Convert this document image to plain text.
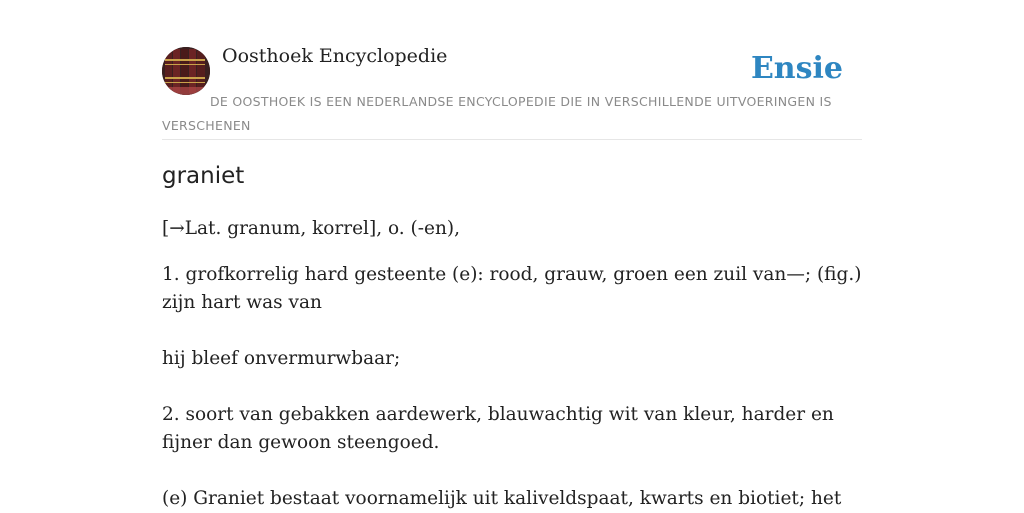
Oosthoek Encyclopedie	Ensie
DE OOSTHOEK IS EEN NEDERLANDSE ENCYCLOPEDIE DIE IN VERSCHILLENDE UITVOERINGEN IS VERSCHENEN
graniet

[→Lat. granum, korrel], o. (-en),

1. grofkorrelig hard gesteente (e): rood, grauw, groen een zuil van—; (fig.) zijn hart was van

hij bleef onvermurwbaar;

2. soort van gebakken aardewerk, blauwachtig wit van kleur, harder en fijner dan gewoon steengoed.

(e) Graniet bestaat voornamelijk uit kaliveldspaat, kwarts en biotiet; het
